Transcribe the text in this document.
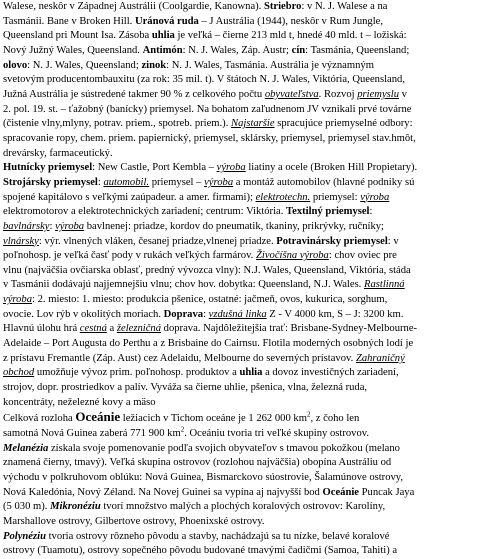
Walese, neskôr v Západnej Austrálii (Coolgardie, Kanowna). Striebro: v N. J. Walese a na
Tasmánii. Bane v Broken Hill. Uránová ruda – J Austrália (1944), neskôr v Rum Jungle,
Queensland pri Mount Isa. Zásoba uhlia je veľká – čierne 213 mld t, hnedé 40 mld. t – ložiská:
Nový Južný Wales, Queensland. Antimón: N. J. Wales, Záp. Austr; cín: Tasmánia, Queensland;
olovo: N. J. Wales, Queensland; zinok: N. J. Wales, Tasmánia. Austrália je významným
svetovým producentombauxitu (za rok: 35 mil. t). V štátoch N. J. Wales, Viktória, Queensland,
Južná Austrália je sústredené takmer 90 % z celkového počtu obyvateľstva. Rozvoj priemyslu v
2. pol. 19. st. – ťažobný (banícky) priemysel. Na bohatom zaľudnenom JV vznikali prvé továrne
(čistenie vlny,mlyny, potrav. priem., spotreb. priem.). Najstaršie spracujúce priemyselné odbory:
spracovanie ropy, chem. priem. papiernický, priemysel, sklársky, priemysel, priemysel stav.hmôt,
drevársky, farmaceutický.
Hutnícky priemysel: New Castle, Port Kembla – výroba liatiny a ocele (Broken Hill Propietary).
Strojársky priemysel: automobil. priemysel – výroba a montáž automobilov (hlavné podniky sú
spojené kapitálovo s veľkými zaúpadeur. a amer. firmami); elektrotechn. priemysel: výroba
elektromotorov a elektrotechnických zariadení; centrum: Viktória. Textilný priemysel:
bavlnársky: výroba bavlnenej: priadze, kordov do pneumatik, tkaniny, prikrývky, ručníky;
vlnársky: výr. vlnených vláken, česanej priadze,vlnenej priadze. Potravinársky priemysel: v
poľnohosp. je veľká časť pody v rukách veľkých farmárov. Živočíšna výroba: chov oviec pre
vlnu (najväčšia ovčiarska oblasť, predný vývozca vlny): N.J. Wales, Queensland, Viktória, stáda
v Tasmánii dodávajú najjemnejšiu vlnu; chov hov. dobytka: Queensland, N.J. Wales. Rastlinná
výroba: 2. miesto: 1. miesto: produkcia pšenice, ostatné: jačmeň, ovos, kukurica, sorghum,
ovocie. Lov rýb v okolitých moriach. Doprava: vzdušná linka Z - V 4000 km, S – J: 3200 km.
Hlavnú úlohu hrá cestná a železničná doprava. Najdôležitejšia trať: Brisbane-Sydney-Melbourne-
Adelaide – Port Augusta do Perthu a z Brisbaine do Cairnsu. Flotila moderných osobných lodí je
z prístavu Fremantle (Záp. Aust) cez Adelaidu, Melbourne do severných prístavov. Zahraničný
obchod umožňuje vývoz prim. poľnohosp. produktov a uhlia a dovoz investičných zariadení,
strojov, dopr. prostriedkov a palív. Vyváža sa čierne uhlie, pšenica, vlna, železná ruda,
koncentráty, neželezné kovy a mäso
Celková rozloha Oceánie ležiacich v Tichom oceáne je 1 262 000 $km^2$, z čoho len
samotná Nová Guinea zaberá 771 900 $km^2$. Oceániu tvoria tri veľké skupiny ostrovov.
Melanézia získala svoje pomenovanie podľa svojich obyvateľov s tmavou pokožkou (melano
znamená čierny, tmavý). Veľká skupina ostrovov (rozlohou najväčšia) obopína Austráliu od
východu v polkruhovom oblúku: Nová Guinea, Bismarckovo súostrovie, Šalamúnove ostrovy,
Nová Kaledónia, Nový Zéland. Na Novej Guinei sa vypína aj najvyšší bod Oceánie Puncak Jaya
(5 030 m). Mikronéziu tvorí množstvo malých a plochých koralových ostrovov: Karolíny,
Marshallove ostrovy, Gilbertove ostrovy, Phoenixské ostrovy.
Polynéziu tvoria ostrovy rôzneho pôvodu a stavby, nachádzajú sa tu nízke, belavé koralové
ostrovy (Tuamotu), ostrovy sopečného pôvodu budované tmavými čadičmi (Samoa, Tahiti) a
